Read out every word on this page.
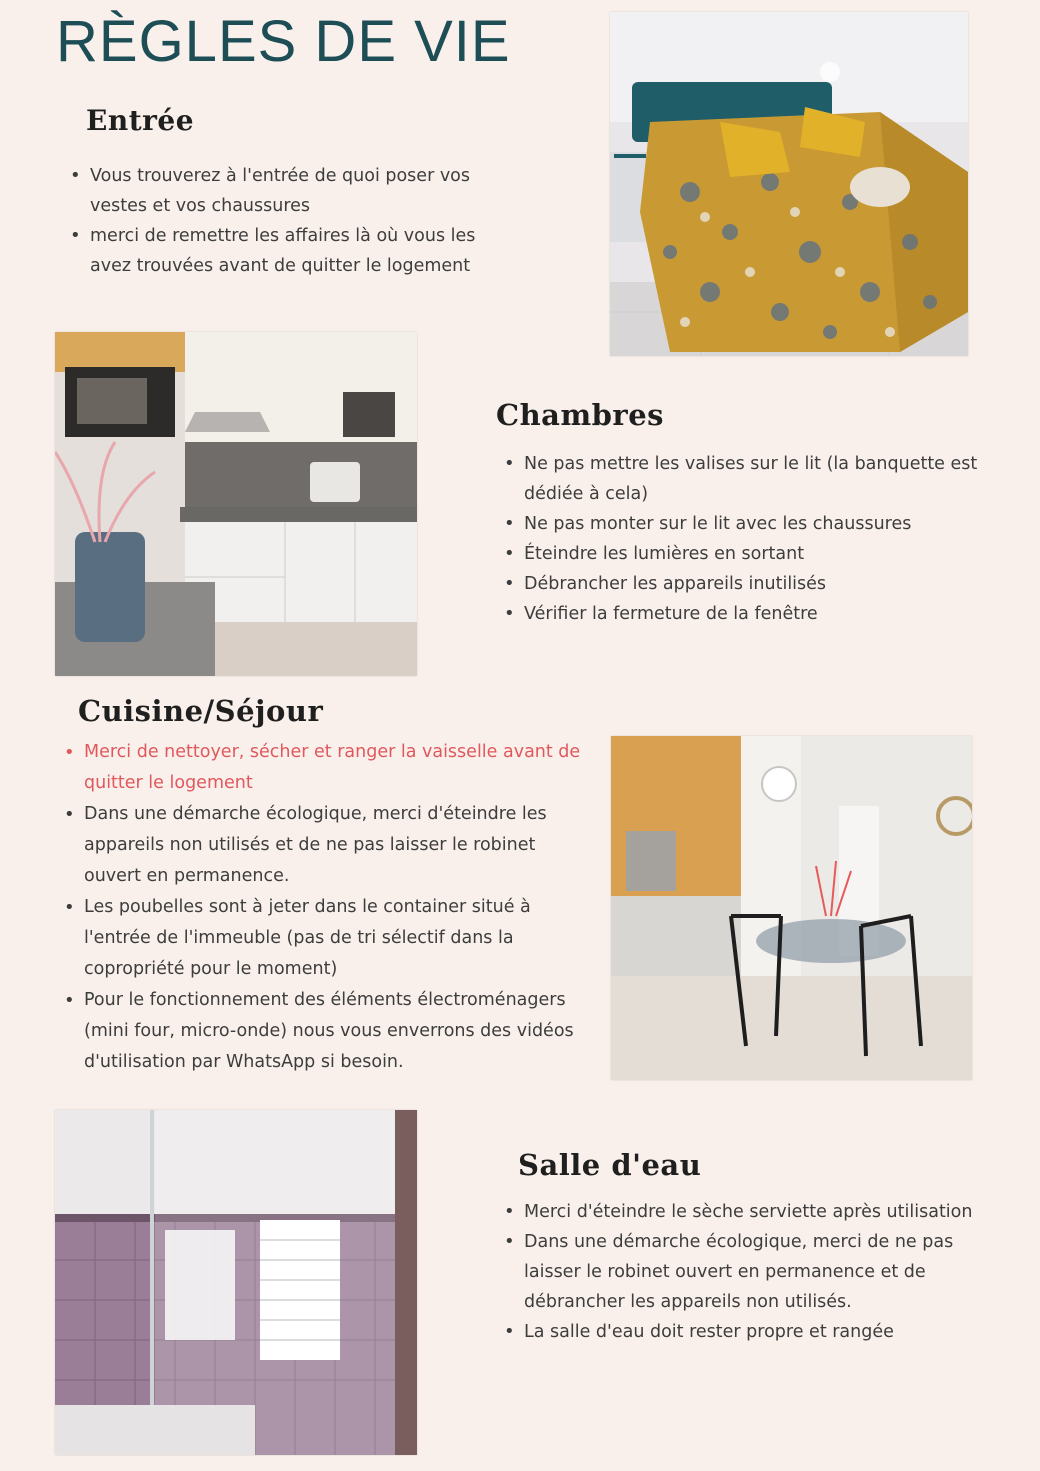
RÈGLES DE VIE
Entrée
• Vous trouverez à l'entrée de quoi poser vos vestes et vos chaussures
• merci de remettre les affaires là où vous les avez trouvées avant de quitter le logement
Chambres
• Ne pas mettre les valises sur le lit (la banquette est dédiée à cela)
• Ne pas monter sur le lit avec les chaussures
• Éteindre les lumières en sortant
• Débrancher les appareils inutilisés
• Vérifier la fermeture de la fenêtre
Cuisine/Séjour
• Merci de nettoyer, sécher et ranger la vaisselle avant de quitter le logement
• Dans une démarche écologique, merci d'éteindre les appareils non utilisés et de ne pas laisser le robinet ouvert en permanence.
• Les poubelles sont à jeter dans le container situé à l'entrée de l'immeuble (pas de tri sélectif dans la copropriété pour le moment)
• Pour le fonctionnement des éléments électroménagers (mini four, micro-onde) nous vous enverrons des vidéos d'utilisation par WhatsApp si besoin.
Salle d'eau
• Merci d'éteindre le sèche serviette après utilisation
• Dans une démarche écologique, merci de ne pas laisser le robinet ouvert en permanence et de débrancher les appareils non utilisés.
• La salle d'eau doit rester propre et rangée
